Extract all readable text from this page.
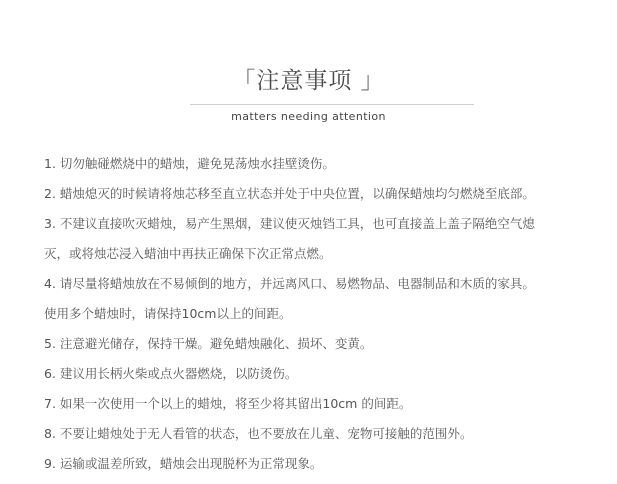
「注意事项 」
matters needing attention
1. 切勿触碰燃烧中的蜡烛，避免晃荡烛水挂壁烫伤。
2. 蜡烛熄灭的时候请将烛芯移至直立状态并处于中央位置，以确保蜡烛均匀燃烧至底部。
3. 不建议直接吹灭蜡烛，易产生黑烟，建议使灭烛铛工具，也可直接盖上盖子隔绝空气熄
灭，或将烛芯浸入蜡油中再扶正确保下次正常点燃。
4. 请尽量将蜡烛放在不易倾倒的地方，并远离风口、易燃物品、电器制品和木质的家具。
使用多个蜡烛时，请保持10cm以上的间距。
5. 注意避光储存，保持干燥。避免蜡烛融化、损坏、变黄。
6. 建议用长柄火柴或点火器燃烧，以防烫伤。
7. 如果一次使用一个以上的蜡烛，将至少将其留出10cm 的间距。
8. 不要让蜡烛处于无人看管的状态，也不要放在儿童、宠物可接触的范围外。
9. 运输或温差所致，蜡烛会出现脱杯为正常现象。
